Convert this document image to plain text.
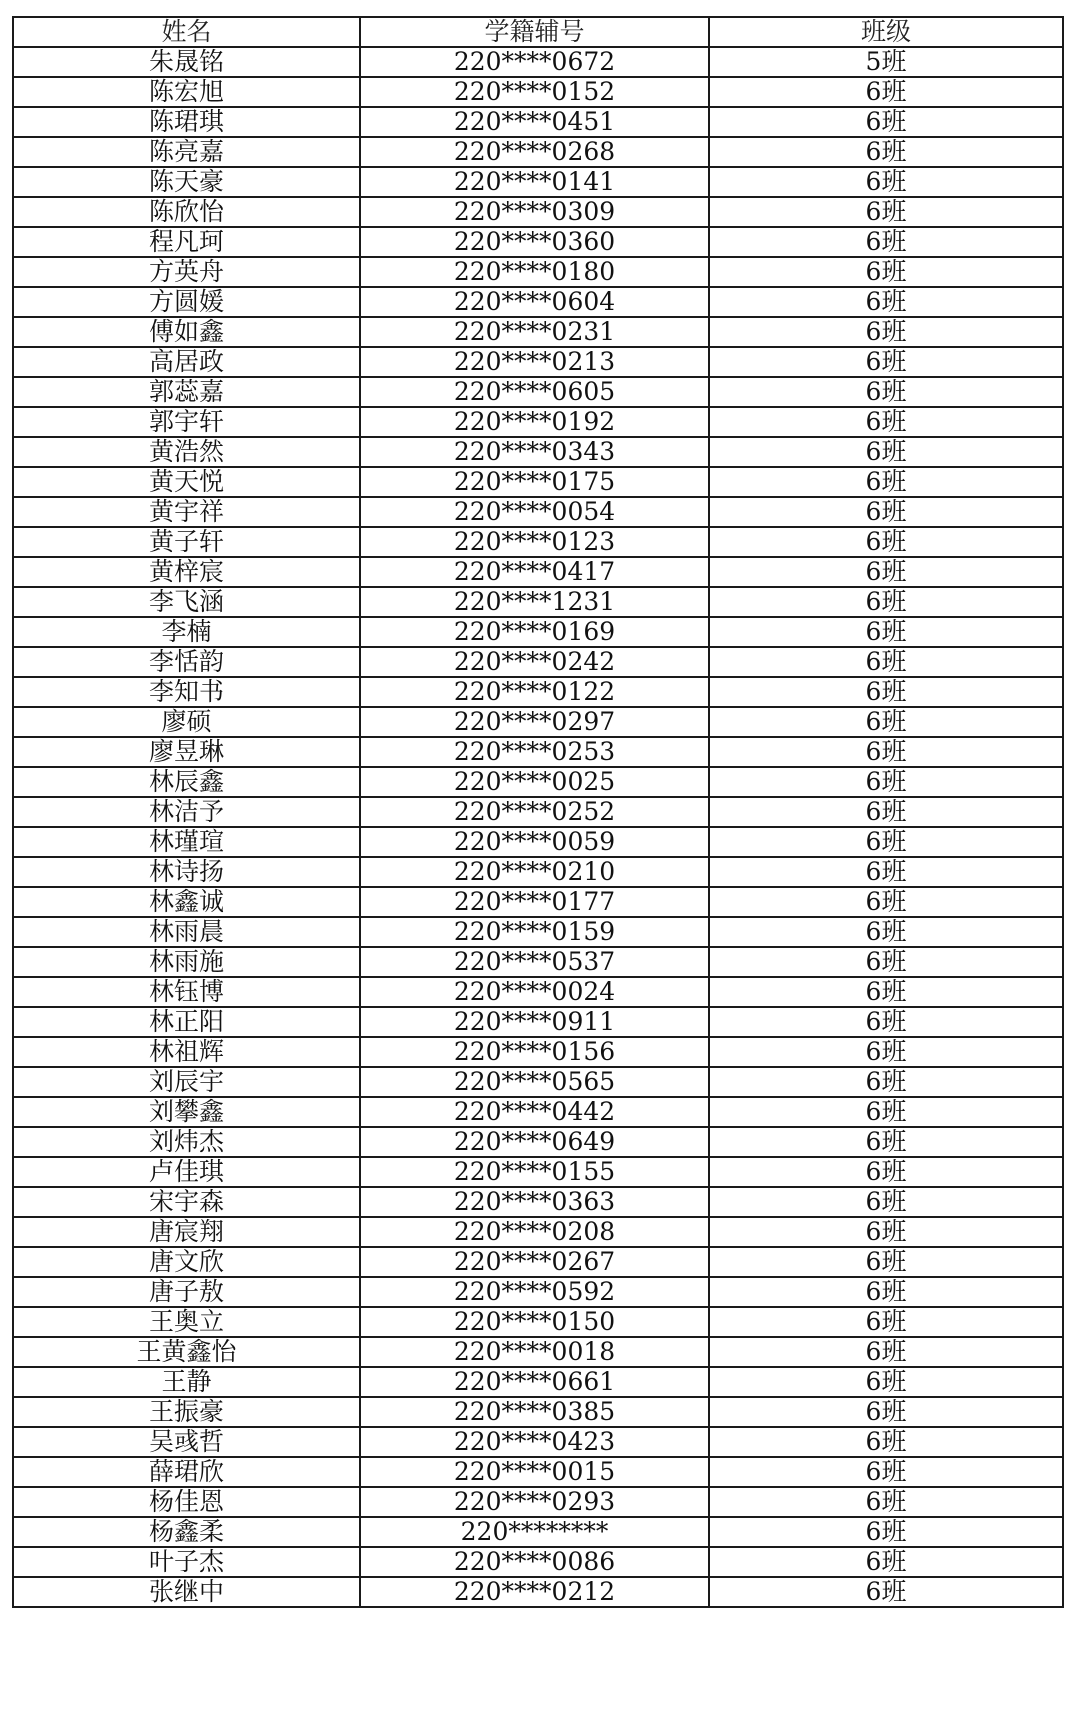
姓名	学籍辅号	班级
朱晟铭	220****0672	5班
陈宏旭	220****0152	6班
陈珺琪	220****0451	6班
陈亮嘉	220****0268	6班
陈天豪	220****0141	6班
陈欣怡	220****0309	6班
程凡珂	220****0360	6班
方英舟	220****0180	6班
方圆媛	220****0604	6班
傅如鑫	220****0231	6班
高居政	220****0213	6班
郭蕊嘉	220****0605	6班
郭宇轩	220****0192	6班
黄浩然	220****0343	6班
黄天悦	220****0175	6班
黄宇祥	220****0054	6班
黄子轩	220****0123	6班
黄梓宸	220****0417	6班
李飞涵	220****1231	6班
李楠	220****0169	6班
李恬韵	220****0242	6班
李知书	220****0122	6班
廖硕	220****0297	6班
廖昱琳	220****0253	6班
林辰鑫	220****0025	6班
林洁予	220****0252	6班
林瑾瑄	220****0059	6班
林诗扬	220****0210	6班
林鑫诚	220****0177	6班
林雨晨	220****0159	6班
林雨施	220****0537	6班
林钰博	220****0024	6班
林正阳	220****0911	6班
林祖辉	220****0156	6班
刘辰宇	220****0565	6班
刘攀鑫	220****0442	6班
刘炜杰	220****0649	6班
卢佳琪	220****0155	6班
宋宇森	220****0363	6班
唐宸翔	220****0208	6班
唐文欣	220****0267	6班
唐子敖	220****0592	6班
王奥立	220****0150	6班
王黄鑫怡	220****0018	6班
王静	220****0661	6班
王振豪	220****0385	6班
吴彧哲	220****0423	6班
薛珺欣	220****0015	6班
杨佳恩	220****0293	6班
杨鑫柔	220********	6班
叶子杰	220****0086	6班
张继中	220****0212	6班
